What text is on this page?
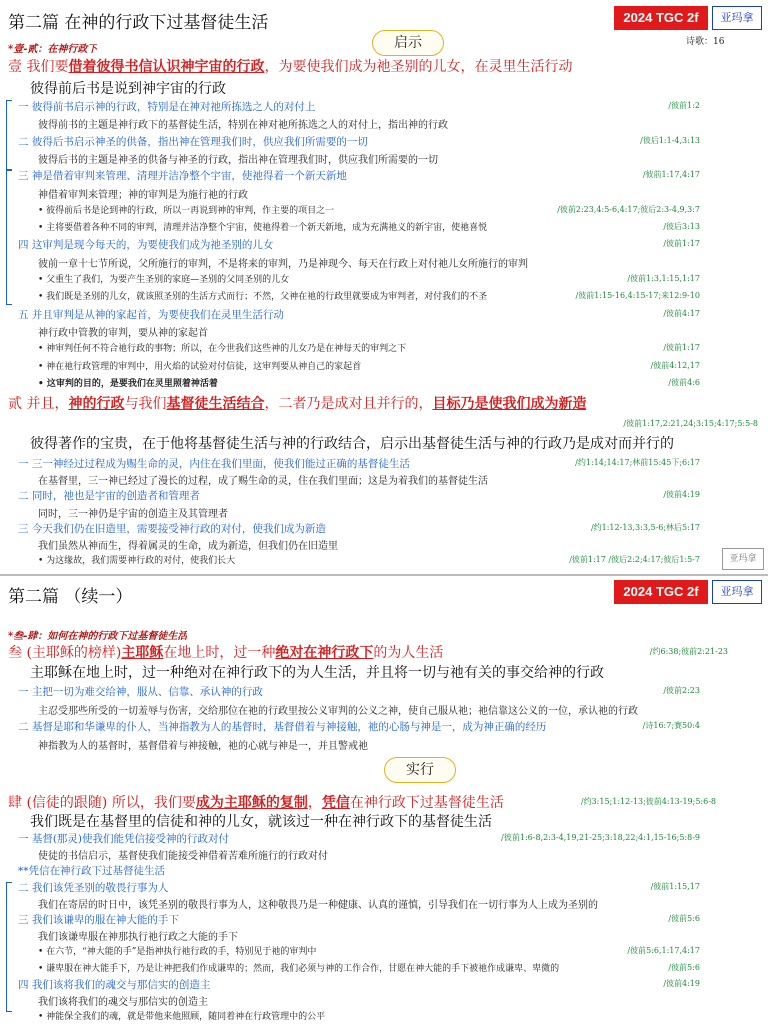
第二篇 在神的行政下过基督徒生活	2024 TGC 2f	亚玛拿
启示	诗歌：16
*壹-贰：在神行政下
壹 我们要借着彼得书信认识神宇宙的行政，为要使我们成为祂圣别的儿女，在灵里生活行动
彼得前后书是说到神宇宙的行政
一 彼得前书启示神的行政，特别是在神对祂所拣选之人的对付上	/彼前1:2
彼得前书的主题是神行政下的基督徒生活，特别在神对祂所拣选之人的对付上，指出神的行政
二 彼得后书启示神圣的供备，指出神在管理我们时，供应我们所需要的一切	/彼后1:1-4,3:13
彼得后书的主题是神圣的供备与神圣的行政，指出神在管理我们时，供应我们所需要的一切
三 神是借着审判来管理、清理并洁净整个宇宙，使祂得着一个新天新地	/彼前1:17,4:17
神借着审判来管理；神的审判是为施行祂的行政
• 彼得前后书是论到神的行政，所以一再说到神的审判，作主要的项目之一	/彼前2:23,4:5-6,4:17;彼后2:3-4,9,3:7
• 主将要借着各种不同的审判，清理并洁净整个宇宙，使祂得着一个新天新地，成为充满祂义的新宇宙，使祂喜悦	/彼后3:13
四 这审判是现今每天的，为要使我们成为祂圣别的儿女	/彼前1:17
彼前一章十七节所说，父所施行的审判，不是将来的审判，乃是神现今、每天在行政上对付祂儿女所施行的审判
• 父重生了我们，为要产生圣别的家庭—圣别的父同圣别的儿女	/彼前1:3,1:15,1:17
• 我们既是圣别的儿女，就该照圣别的生活方式而行；不然，父神在祂的行政里就要成为审判者，对付我们的不圣	/彼前1:15-16,4:15-17;来12:9-10
五 并且审判是从神的家起首，为要使我们在灵里生活行动	/彼前4:17
神行政中管教的审判，要从神的家起首
• 神审判任何不符合祂行政的事物；所以，在今世我们这些神的儿女乃是在神每天的审判之下	/彼前1:17
• 神在祂行政管理的审判中，用火焰的试验对付信徒，这审判要从神自己的家起首	/彼前4:12,17
• 这审判的目的，是要我们在灵里照着神活着	/彼前4:6
贰 并且，神的行政与我们基督徒生活结合，二者乃是成对且并行的，目标乃是使我们成为新造
/彼前1:17,2:21,24;3:15;4:17;5:5-8
彼得著作的宝贵，在于他将基督徒生活与神的行政结合，启示出基督徒生活与神的行政乃是成对而并行的
一 三一神经过过程成为赐生命的灵，内住在我们里面，使我们能过正确的基督徒生活	/约1:14;14:17;林前15:45下;6:17
在基督里，三一神已经过了漫长的过程，成了赐生命的灵，住在我们里面；这是为着我们的基督徒生活
二 同时，祂也是宇宙的创造者和管理者	/彼前4:19
同时，三一神仍是宇宙的创造主及其管理者
三 今天我们仍在旧造里，需要接受神行政的对付，使我们成为新造	/约1:12-13,3:3,5-6;林后5:17
我们虽然从神而生，得着属灵的生命，成为新造，但我们仍在旧造里
• 为这缘故，我们需要神行政的对付，使我们长大	/彼前1:17 /彼后2:2;4:17;彼后1:5-7	亚玛拿
第二篇 （续一）	2024 TGC 2f	亚玛拿
*叁-肆：如何在神的行政下过基督徒生活
叁 (主耶稣的榜样)主耶稣在地上时，过一种绝对在神行政下的为人生活	/约6:38;彼前2:21-23
主耶稣在地上时，过一种绝对在神行政下的为人生活，并且将一切与祂有关的事交给神的行政
一 主把一切为难交给神，服从、信靠、承认神的行政	/彼前2:23
主忍受那些所受的一切羞辱与伤害，交给那位在祂的行政里按公义审判的公义之神，使自己服从祂；祂信靠这公义的一位，承认祂的行政
二 基督是耶和华谦卑的仆人，当神指教为人的基督时，基督借着与神接触，祂的心肠与神是一，成为神正确的经历	/诗16:7;赛50:4
神指教为人的基督时，基督借着与神接触，祂的心就与神是一，并且警戒祂
实行
肆 (信徒的跟随) 所以，我们要成为主耶稣的复制，凭信在神行政下过基督徒生活	/约3:15;1:12-13;彼前4:13-19;5:6-8
我们既是在基督里的信徒和神的儿女，就该过一种在神行政下的基督徒生活
一 基督(那灵)使我们能凭信接受神的行政对付	/彼前1:6-8,2:3-4,19,21-25;3:18,22;4:1,15-16;5:8-9
使徒的书信启示，基督使我们能接受神借着苦难所施行的行政对付
**凭信在神行政下过基督徒生活
二 我们该凭圣别的敬畏行事为人	/彼前1:15,17
我们在寄居的时日中，该凭圣别的敬畏行事为人，这种敬畏乃是一种健康、认真的谨慎，引导我们在一切行事为人上成为圣别的
三 我们该谦卑的服在神大能的手下	/彼前5:6
我们该谦卑服在神那执行祂行政之大能的手下
• 在六节，“神大能的手”是指神执行祂行政的手，特别见于祂的审判中	/彼前5:6,1:17,4:17
• 谦卑服在神大能手下，乃是让神把我们作成谦卑的；然而，我们必须与神的工作合作，甘愿在神大能的手下被祂作成谦卑、卑微的	/彼前5:6
四 我们该将我们的魂交与那信实的创造主	/彼前4:19
我们该将我们的魂交与那信实的创造主
• 神能保全我们的魂，就是带他来他照顾，随同着神在行政管理中的公平
